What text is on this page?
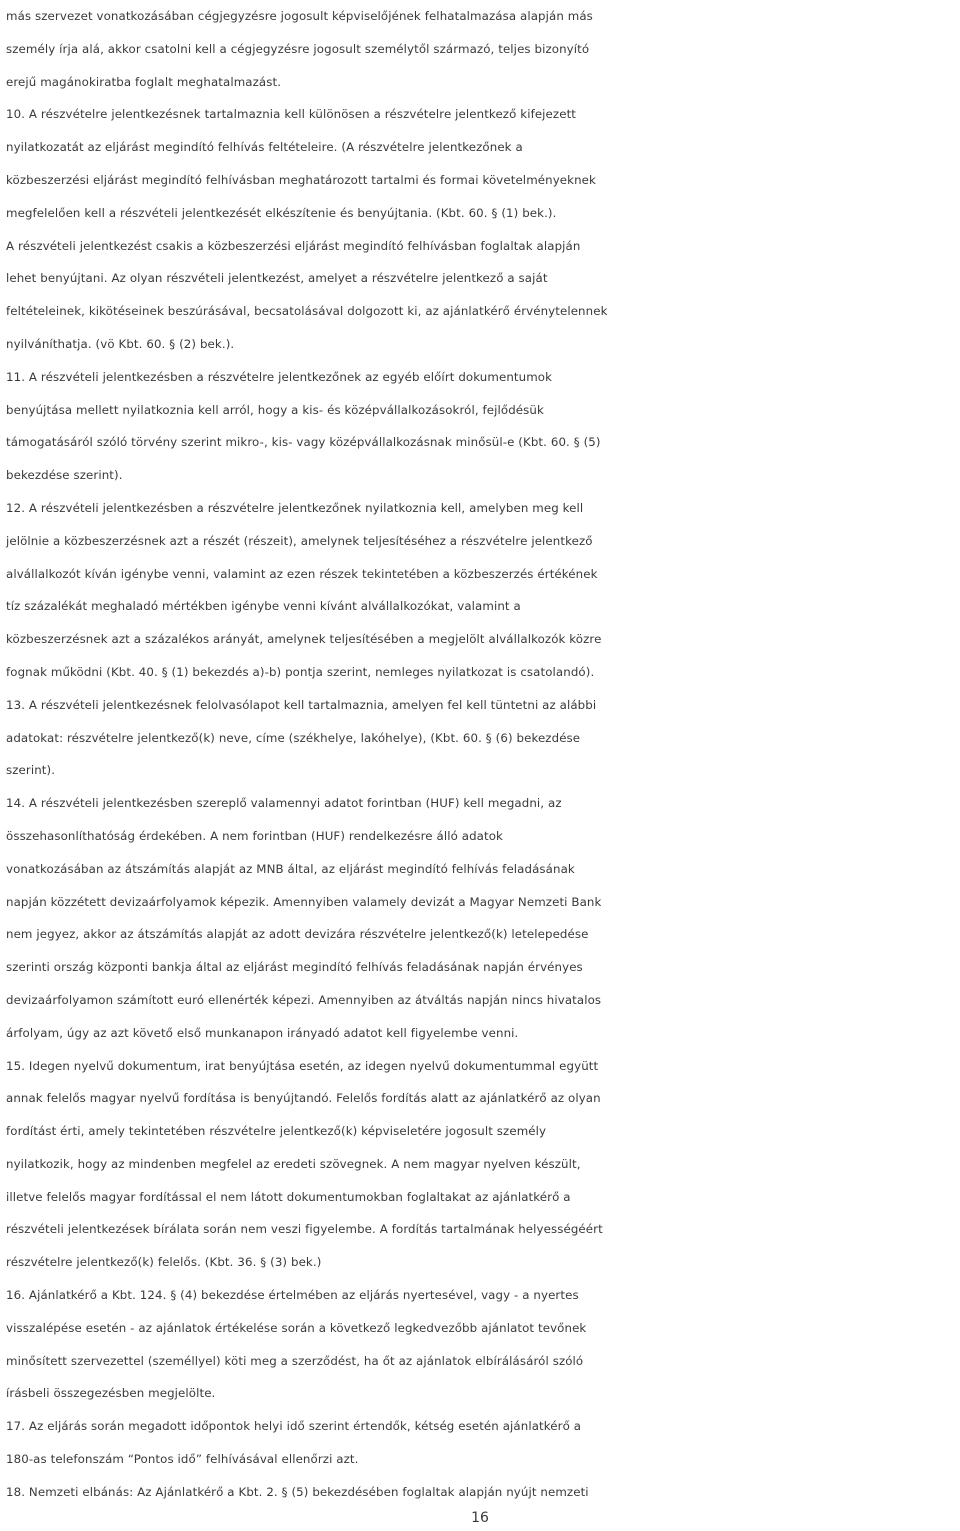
más szervezet vonatkozásában cégjegyzésre jogosult képviselőjének felhatalmazása alapján más
személy írja alá, akkor csatolni kell a cégjegyzésre jogosult személytől származó, teljes bizonyító
erejű magánokiratba foglalt meghatalmazást.
10. A részvételre jelentkezésnek tartalmaznia kell különösen a részvételre jelentkező kifejezett
nyilatkozatát az eljárást megindító felhívás feltételeire. (A részvételre jelentkezőnek a
közbeszerzési eljárást megindító felhívásban meghatározott tartalmi és formai követelményeknek
megfelelően kell a részvételi jelentkezését elkészítenie és benyújtania. (Kbt. 60. § (1) bek.).
A részvételi jelentkezést csakis a közbeszerzési eljárást megindító felhívásban foglaltak alapján
lehet benyújtani. Az olyan részvételi jelentkezést, amelyet a részvételre jelentkező a saját
feltételeinek, kikötéseinek beszúrásával, becsatolásával dolgozott ki, az ajánlatkérő érvénytelennek
nyilváníthatja. (vö Kbt. 60. § (2) bek.).
11. A részvételi jelentkezésben a részvételre jelentkezőnek az egyéb előírt dokumentumok
benyújtása mellett nyilatkoznia kell arról, hogy a kis- és középvállalkozásokról, fejlődésük
támogatásáról szóló törvény szerint mikro-, kis- vagy középvállalkozásnak minősül-e (Kbt. 60. § (5)
bekezdése szerint).
12. A részvételi jelentkezésben a részvételre jelentkezőnek nyilatkoznia kell, amelyben meg kell
jelölnie a közbeszerzésnek azt a részét (részeit), amelynek teljesítéséhez a részvételre jelentkező
alvállalkozót kíván igénybe venni, valamint az ezen részek tekintetében a közbeszerzés értékének
tíz százalékát meghaladó mértékben igénybe venni kívánt alvállalkozókat, valamint a
közbeszerzésnek azt a százalékos arányát, amelynek teljesítésében a megjelölt alvállalkozók közre
fognak működni (Kbt. 40. § (1) bekezdés a)-b) pontja szerint, nemleges nyilatkozat is csatolandó).
13. A részvételi jelentkezésnek felolvasólapot kell tartalmaznia, amelyen fel kell tüntetni az alábbi
adatokat: részvételre jelentkező(k) neve, címe (székhelye, lakóhelye), (Kbt. 60. § (6) bekezdése
szerint).
14. A részvételi jelentkezésben szereplő valamennyi adatot forintban (HUF) kell megadni, az
összehasonlíthatóság érdekében. A nem forintban (HUF) rendelkezésre álló adatok
vonatkozásában az átszámítás alapját az MNB által, az eljárást megindító felhívás feladásának
napján közzétett devizaárfolyamok képezik. Amennyiben valamely devizát a Magyar Nemzeti Bank
nem jegyez, akkor az átszámítás alapját az adott devizára részvételre jelentkező(k) letelepedése
szerinti ország központi bankja által az eljárást megindító felhívás feladásának napján érvényes
devizaárfolyamon számított euró ellenérték képezi. Amennyiben az átváltás napján nincs hivatalos
árfolyam, úgy az azt követő első munkanapon irányadó adatot kell figyelembe venni.
15. Idegen nyelvű dokumentum, irat benyújtása esetén, az idegen nyelvű dokumentummal együtt
annak felelős magyar nyelvű fordítása is benyújtandó. Felelős fordítás alatt az ajánlatkérő az olyan
fordítást érti, amely tekintetében részvételre jelentkező(k) képviseletére jogosult személy
nyilatkozik, hogy az mindenben megfelel az eredeti szövegnek. A nem magyar nyelven készült,
illetve felelős magyar fordítással el nem látott dokumentumokban foglaltakat az ajánlatkérő a
részvételi jelentkezések bírálata során nem veszi figyelembe. A fordítás tartalmának helyességéért
részvételre jelentkező(k) felelős. (Kbt. 36. § (3) bek.)
16. Ajánlatkérő a Kbt. 124. § (4) bekezdése értelmében az eljárás nyertesével, vagy - a nyertes
visszalépése esetén - az ajánlatok értékelése során a következő legkedvezőbb ajánlatot tevőnek
minősített szervezettel (személlyel) köti meg a szerződést, ha őt az ajánlatok elbírálásáról szóló
írásbeli összegezésben megjelölte.
17. Az eljárás során megadott időpontok helyi idő szerint értendők, kétség esetén ajánlatkérő a
180-as telefonszám “Pontos idő” felhívásával ellenőrzi azt.
18. Nemzeti elbánás: Az Ajánlatkérő a Kbt. 2. § (5) bekezdésében foglaltak alapján nyújt nemzeti
16
